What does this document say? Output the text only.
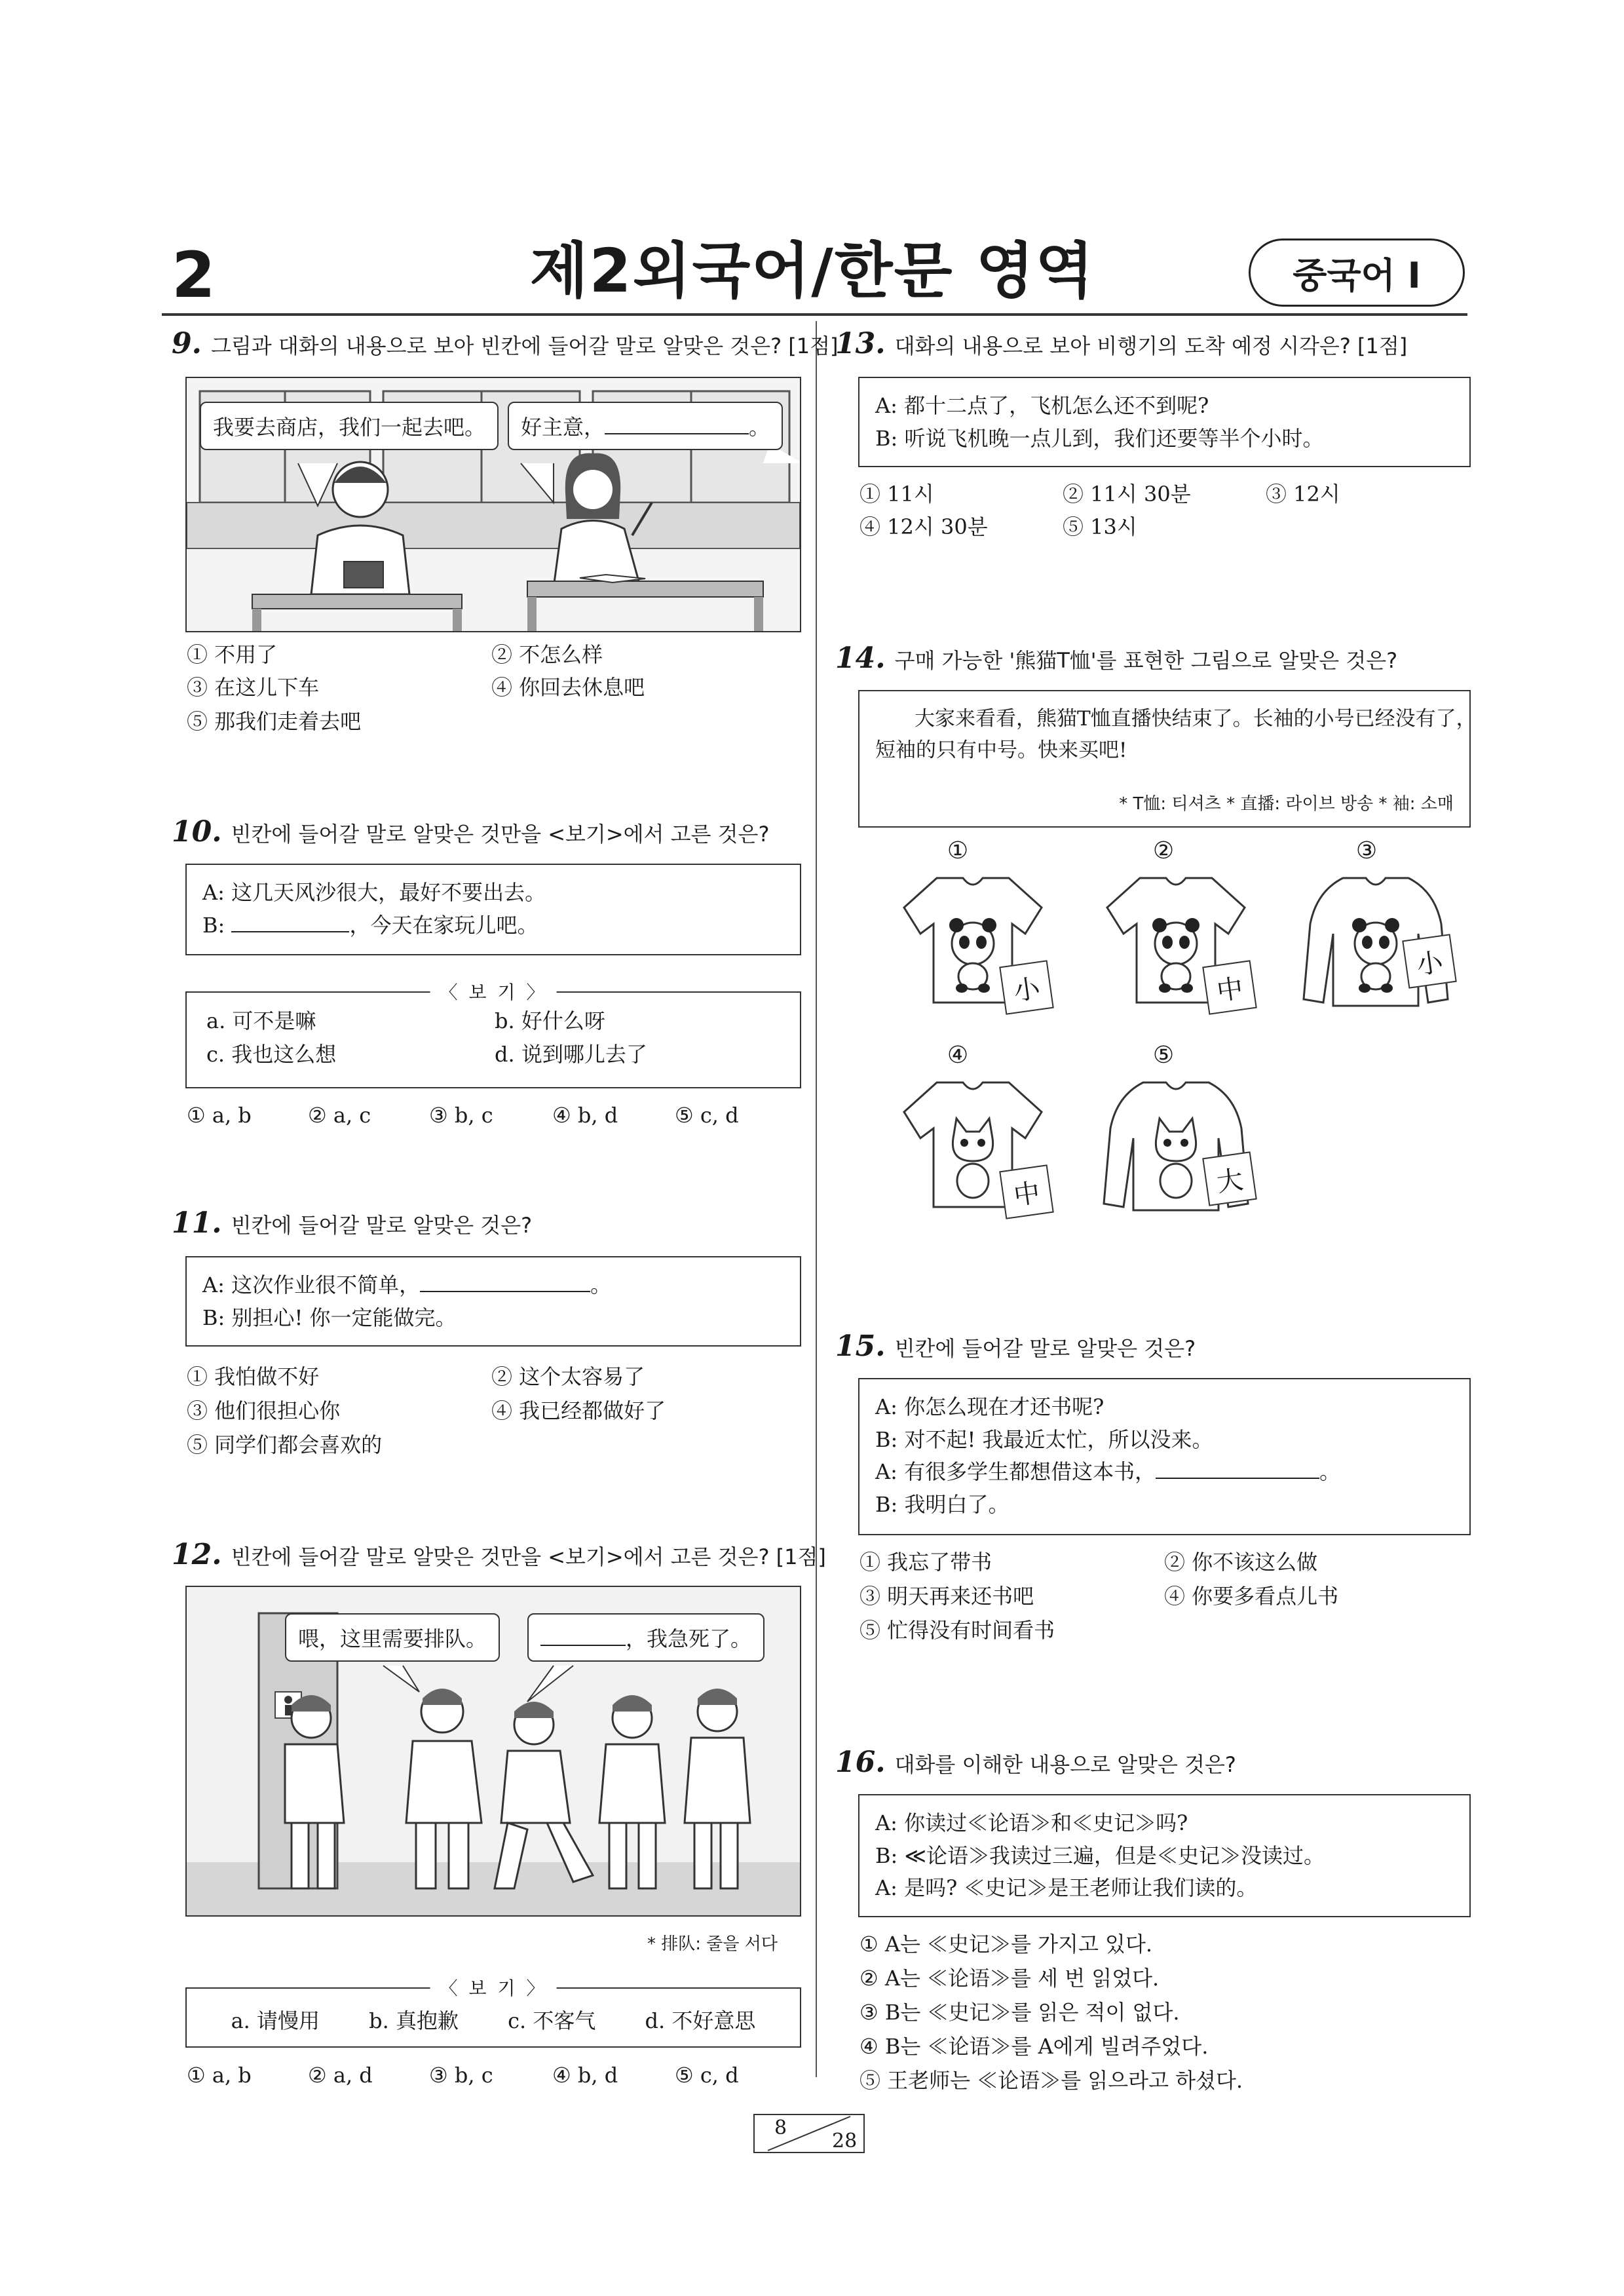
2	제2외국어/한문 영역	중국어 I
9. 그림과 대화의 내용으로 보아 빈칸에 들어갈 말로 알맞은 것은? [1점]
我要去商店，我们一起去吧。	好主意，	。
① 不用了	② 不怎么样
③ 在这儿下车	④ 你回去休息吧
⑤ 那我们走着去吧
10. 빈칸에 들어갈 말로 알맞은 것만을 <보기>에서 고른 것은?
A: 这几天风沙很大，最好不要出去。
B:	，今天在家玩儿吧。
〈 보 기 〉
a. 可不是嘛	b. 好什么呀
c. 我也这么想	d. 说到哪儿去了
① a, b	② a, c	③ b, c	④ b, d	⑤ c, d
11. 빈칸에 들어갈 말로 알맞은 것은?
A: 这次作业很不简单，	。
B: 别担心! 你一定能做完。
① 我怕做不好	② 这个太容易了
③ 他们很担心你	④ 我已经都做好了
⑤ 同学们都会喜欢的
12. 빈칸에 들어갈 말로 알맞은 것만을 <보기>에서 고른 것은? [1점]
喂，这里需要排队。	，我急死了。
* 排队: 줄을 서다
〈 보 기 〉
a. 请慢用 b. 真抱歉 c. 不客气 d. 不好意思
① a, b	② a, d	③ b, c	④ b, d	⑤ c, d
13. 대화의 내용으로 보아 비행기의 도착 예정 시각은? [1점]
A: 都十二点了，飞机怎么还不到呢?
B: 听说飞机晚一点儿到，我们还要等半个小时。
① 11시	② 11시 30분	③ 12시
④ 12시 30분	⑤ 13시
14. 구매 가능한 '熊猫T恤'를 표현한 그림으로 알맞은 것은?
大家来看看，熊猫T恤直播快结束了。长袖的小号已经没有了，
短袖的只有中号。快来买吧!
* T恤: 티셔츠 * 直播: 라이브 방송 * 袖: 소매
①	②	③
④	⑤
小	中
小
中	大
15. 빈칸에 들어갈 말로 알맞은 것은?
A: 你怎么现在才还书呢?
B: 对不起! 我最近太忙，所以没来。
A: 有很多学生都想借这本书，	。
B: 我明白了。
① 我忘了带书	② 你不该这么做
③ 明天再来还书吧	④ 你要多看点儿书
⑤ 忙得没有时间看书
16. 대화를 이해한 내용으로 알맞은 것은?
A: 你读过≪论语≫和≪史记≫吗?
B: ≪论语≫我读过三遍，但是≪史记≫没读过。
A: 是吗? ≪史记≫是王老师让我们读的。
① A는 ≪史记≫를 가지고 있다.
② A는 ≪论语≫를 세 번 읽었다.
③ B는 ≪史记≫를 읽은 적이 없다.
④ B는 ≪论语≫를 A에게 빌려주었다.
⑤ 王老师는 ≪论语≫를 읽으라고 하셨다.
8
28
